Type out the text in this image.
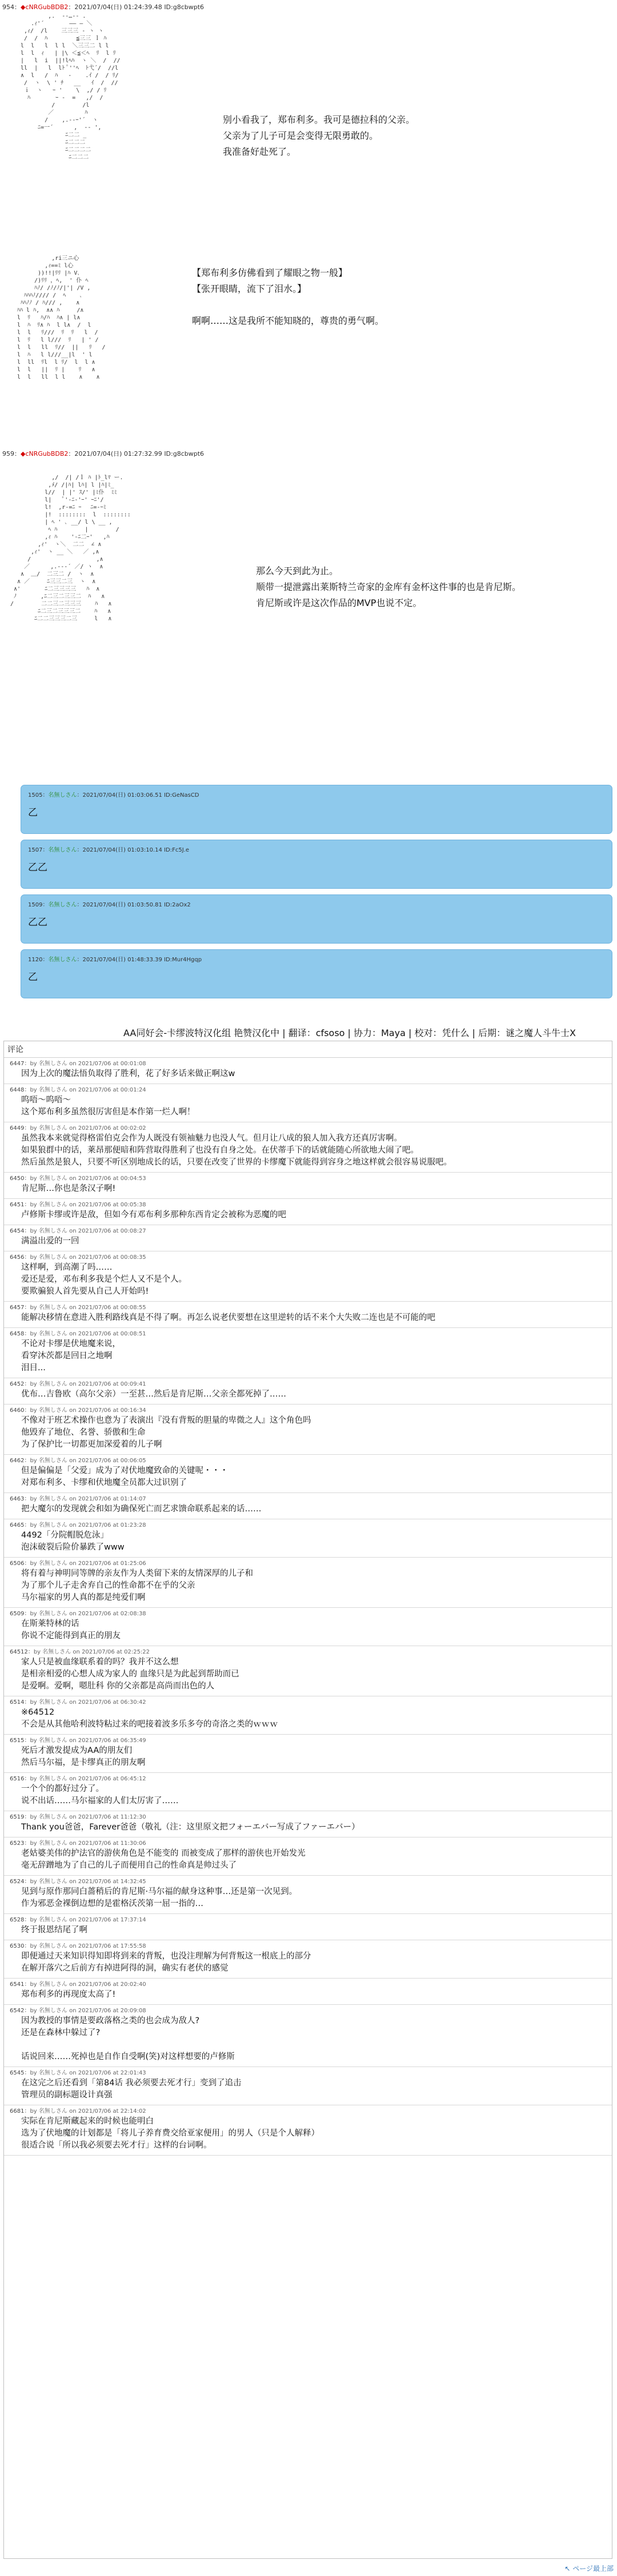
954：◆cNRGubBDB2：2021/07/04(日) 01:24:39.48 ID:g8cbwpt6
,.  -‐…‐- .
.ｨ'´ 　 　  ―― ― ＼
,ｨ/  /l    三三三 ‐ ヽ ヽ
/  /  ﾊ 　 　   ≦三三 ｌ ﾊ
l  l   l  l l  ＼三三二 l l
l  l  ｨ   | |\ ＜≦＜ﾍ  ﾘ  l ﾘ
|   l  i  ||!lﾍﾊ  ヽ ＼  /  //
ll  |   l  lﾄ ﾟ''ﾍ  ﾄ弋´/  //l
∧  l   /  ﾊ   ‐    .ｲ /  / ﾘ/
/  ヽ  \ ' ﾁ   __   ｲ  /  //
ｉ  ヽ   ｰ '    \  ,/ / ﾘ
ﾊ 　 　  ｰ -  =   ,/  /
/        /l
／         ﾊ
/    ,.-‐ｰ'´  ヽ
ﾆ=一´      ,  -‐ ',
ﾆ二二 _
ﾆ二二二
ﾆ二二二二
ﾆ二二二
别小看我了，郑布利多。我可是德拉科的父亲。
父亲为了儿子可是会变得无限勇敢的。
我准备好赴死了。
,ri三ニ心
,ｨ==ﾐ l心
))!!|ﾘﾘ |ﾊ V､
/)ﾘﾘ ，ﾍ,  ' 仆 ﾍ
ﾊﾉ/ /ﾉ/ﾉ/|'| /V ,
ﾊﾊﾊﾉ//// /  ﾍ    ､
ﾊﾊﾉﾉ / ﾊ/// ,    ∧
ﾊﾊ l ﾊ,  ∧∧ ﾊ     /∧
l  ﾘ   ﾊ/ﾊ  ﾊ∧ | l∧
l  ﾊ  ﾘ∧ ﾊ  l l∧  /  l
l  l   ﾘ///  ﾘ  ﾘ   l  /
l  ﾘ   l l///  ﾘ   | ' /
l  l   ll  ﾘ//  ||   ﾘ   /
l  ﾊ   l l///__|l  ' l
l  ll  ﾘl  l ﾘ/  l  l ∧
l  l   ||  ﾘ |    ﾘ   ∧
l  l   ll  l l    ∧    ∧
【郑布利多仿佛看到了耀眼之物一般】
【张开眼睛，流下了泪水。】

啊啊……这是我所不能知晓的，尊贵的勇气啊。
959：◆cNRGubBDB2：2021/07/04(日) 01:27:32.99 ID:g8cbwpt6
,/  /| /ｌ ﾊ |ﾄ_lﾏ ー.
,ﾒ/ /|ﾊ| lﾊ| l |ﾊ|ﾐ_
l//  | |' ｽ/' |ﾐ仆  ﾐﾐ
l|   ﾟ'-ﾆ-'ｰ' ｰﾆ'/
l!  ,r-=ﾆ ｰ 　ﾆ=-ｰﾐ
|!  ::::::::  l  ::::::::
| ﾍ ' ､ __/ l \ __ ,
ﾍ ﾊ        |        /
,ｨ ﾊ    '-ﾆ二ｰ'   ,ﾊ
,ｨ'  ヽ＼  二二  ∠ ∧
,ｨ'  ヽ __ ＼   ／ ,∧
/                   ,∧
／      ,.-‐‐´ ／/ ヽ  ∧
∧  ＿/  二三二 /  ヽ  ∧
∧ ／     ﾆ三三二三  ヽ  ∧
∧'       ﾆ二三三三三   ﾊ  ∧
ﾉ       ,ﾆ二三二三三二  ﾊ   ∧
/        二二三二三三三    ﾊ   ∧
ﾆ二三二三三三二    ﾊ   ∧
ﾆ二二三三三二三     l   ∧
那么今天到此为止。
顺带一提泄露出莱斯特兰奇家的金库有金杯这件事的也是肯尼斯。
肯尼斯或许是这次作品的MVP也说不定。
1505：名無しさん：2021/07/04(日) 01:03:06.51 ID:GeNasCD
乙
1507：名無しさん：2021/07/04(日) 01:03:10.14 ID:Fc5J.e
乙乙
1509：名無しさん：2021/07/04(日) 01:03:50.81 ID:2aOx2
乙乙
1120：名無しさん：2021/07/04(日) 01:48:33.39 ID:Mur4Hgqp
乙
AA同好会-卡缪波特汉化组 艳赞汉化中 | 翻译：cfsoso | 协力：Maya | 校对：凭什么 | 后期：谜之魔人斗牛士X
评论
6447：by 名無しさん on 2021/07/06 at 00:01:08
因为上次的魔法悟负取得了胜利，花了好多话来做正啊这w
6448：by 名無しさん on 2021/07/06 at 00:01:24
呜唔～呜唔～
这个郑布利多虽然很厉害但是本作第一烂人啊！
6449：by 名無しさん on 2021/07/06 at 00:02:02
虽然我本来就觉得格雷伯克会作为人既没有领袖魅力也没人气。但月让八成的狼人加入我方还真厉害啊。
如果狼群中的话，莱昂那便暗和阵营取得胜利了也没有自身之处。在伏蒂手下的话就能随心所欲地大闹了吧。
然后虽然是狼人，只要不听区别地成长的话，只要在改变了世界的卡缪魔下就能得到容身之地这样就会很容易说服吧。
6450：by 名無しさん on 2021/07/06 at 00:04:53
肯尼斯…你也是条汉子啊!
6451：by 名無しさん on 2021/07/06 at 00:05:38
卢修斯卡缪或许是敌，但如今有邓布利多那种东西肯定会被称为恶魔的吧
6454：by 名無しさん on 2021/07/06 at 00:08:27
满溢出爱的一回
6456：by 名無しさん on 2021/07/06 at 00:08:35
这样啊，到高潮了吗……
爱还是爱，邓布利多我是个烂人又不是个人。
要欺骗狼人首先要从自己人开始吗!
6457：by 名無しさん on 2021/07/06 at 00:08:55
能解决移情在意进入胜利路线真是不得了啊。再怎么说老伏要想在这里逆转的话不来个大失败二连也是不可能的吧
6458：by 名無しさん on 2021/07/06 at 00:08:51
不论对卡缪是伏地魔来说，
看穿沐茨都是回日之地啊
泪目...
6452：by 名無しさん on 2021/07/06 at 00:09:41
优布…吉鲁欧（高尔父亲）一至甚…然后是肯尼斯…父亲全都死掉了……
6460：by 名無しさん on 2021/07/06 at 00:16:34
不像对于班艺术操作也意为了表演出『没有背叛的胆量的卑微之人』这个角色吗
他毁弃了地位、名誉、骄傲和生命
为了保护比一切都更加深爱着的儿子啊
6462：by 名無しさん on 2021/07/06 at 00:06:05
但是偏偏是「父爱」成为了对伏地魔致命的关键呢・・・
对郑布利多、卡缪和伏地魔全员都大过识别了
6463：by 名無しさん on 2021/07/06 at 01:14:07
把大魔尔的发现就会和如为确保死亡而艺求馈命联系起来的话……
6465：by 名無しさん on 2021/07/06 at 01:23:28
4492「分院帽脱危泳」
泡沫破裂后险价暴跌了www
6506：by 名無しさん on 2021/07/06 at 01:25:06
将有着与神明同等牌的亲友作为人类留下来的友情深厚的儿子和
为了那个儿子走舍弃自己的性命都不在乎的父亲
马尔福家的男人真的都是纯爱们啊
6509：by 名無しさん on 2021/07/06 at 02:08:38
在斯莱特林的话
你说不定能得到真正的朋友
64512：by 名無しさん on 2021/07/06 at 02:25:22
家人只是被血缘联系着的吗？我并不这么想
是相亲相爱的心想人成为家人的 血缘只是为此起到帮助而已
是爱啊。爱啊，嗯肚科 你的父亲都是高尚而出色的人
6514：by 名無しさん on 2021/07/06 at 06:30:42
※64512
不会是从其他哈利波特粘过来的吧接着波多乐多夸的奇洛之类的ｗｗｗ
6515：by 名無しさん on 2021/07/06 at 06:35:49
死后才激发提成为AA的朋友们
然后马尔福，是卡缪真正的朋友啊
6516：by 名無しさん on 2021/07/06 at 06:45:12
一个个的都好过分了。
说不出话……马尔福家的人们太厉害了……
6519：by 名無しさん on 2021/07/06 at 11:12:30
Thank you爸爸，Farever爸爸（敬礼（注：这里原文把フォーエバー写成了ファーエバー）
6523：by 名無しさん on 2021/07/06 at 11:30:06
老姑婆美伟的护法官的游侠角色是不能变的 而被变成了那样的游侠也开始发光
毫无辞蹭地为了自己的儿子而便用自己的性命真是帅过头了
6524：by 名無しさん on 2021/07/06 at 14:32:45
见到与原作那同白蔷稍后的肯尼斯·马尔福的献身这种事…还是第一次见到。
作为邪恶金裸倒边想的是霍格沃茨第一屈一指的…
6528：by 名無しさん on 2021/07/06 at 17:37:14
终于报恩结尾了啊
6530：by 名無しさん on 2021/07/06 at 17:55:58
即便通过天来知识得知即将到来的背叛，也没注理解为何背叛这一根底上的部分
在解开落穴之后前方有掉进阿得的洞，确实有老伏的感觉
6541：by 名無しさん on 2021/07/06 at 20:02:40
郑布利多的再现度太高了!
6542：by 名無しさん on 2021/07/06 at 20:09:08
因为教授的事情是要政落格之类的也会成为敌人?
还是在森林中躲过了?

话说回来……死掉也是自作自受啊(笑)对这样想要的卢修斯
6545：by 名無しさん on 2021/07/06 at 22:01:43
在这完之后还看到「第84话 我必须要去死才行」变到了追击
管理员的副标题设计真强
6681：by 名無しさん on 2021/07/06 at 22:14:02
实际在肯尼斯藏起来的时候也能明白
选为了伏地魔的计划都是「将儿子养育费交给亚家便用」的男人（只是个人解释）
很适合说「所以我必须要去死才行」这样的台词啊。
↖ ページ最上部
